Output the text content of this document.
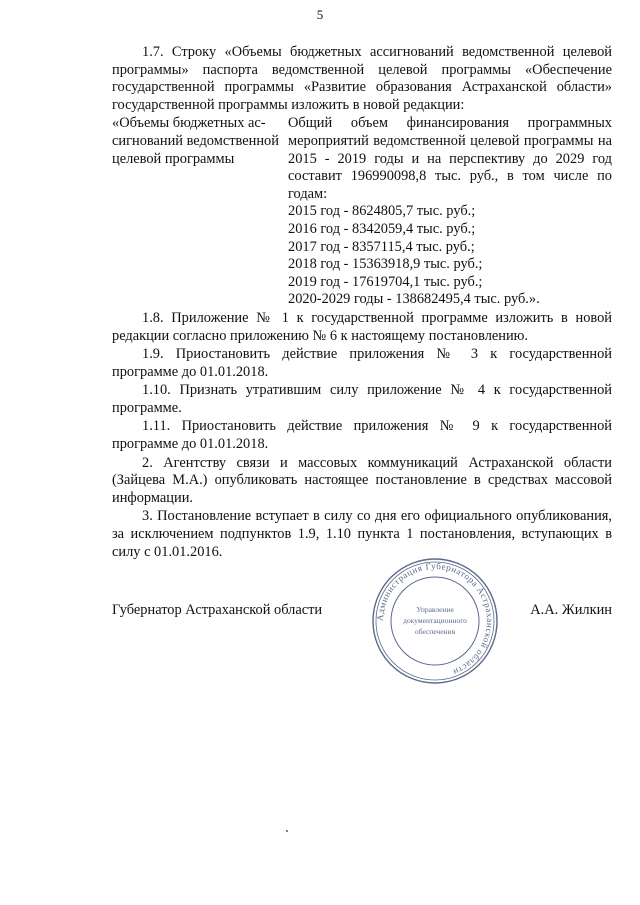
5

1.7. Строку «Объемы бюджетных ассигнований ведомственной целевой программы» паспорта ведомственной целевой программы «Обеспечение государственной программы «Развитие образования Астраханской области» государственной программы изложить в новой редакции:

«Объемы бюджетных ас-
сигнований ведомственной
целевой программы

Общий объем финансирования программных мероприятий ведомственной целевой программы на 2015 - 2019 годы и на перспективу до 2029 год составит 196990098,8 тыс. руб., в том числе по годам:

2015 год - 8624805,7 тыс. руб.;
2016 год - 8342059,4 тыс. руб.;
2017 год - 8357115,4 тыс. руб.;
2018 год - 15363918,9 тыс. руб.;
2019 год - 17619704,1 тыс. руб.;
2020-2029 годы - 138682495,4 тыс. руб.».

1.8. Приложение № 1 к государственной программе изложить в новой редакции согласно приложению № 6 к настоящему постановлению.

1.9. Приостановить действие приложения № 3 к государственной программе до 01.01.2018.

1.10. Признать утратившим силу приложение № 4 к государственной программе.

1.11. Приостановить действие приложения № 9 к государственной программе до 01.01.2018.

2. Агентству связи и массовых коммуникаций Астраханской области (Зайцева М.А.) опубликовать настоящее постановление в средствах массовой информации.

3. Постановление вступает в силу со дня его официального опубликования, за исключением подпунктов 1.9, 1.10 пункта 1 постановления, вступающих в силу с 01.01.2016.

Администрация Губернатора Астраханской области
Управление
документационного
обеспечения
Губернатор Астраханской области	А.А. Жилкин
